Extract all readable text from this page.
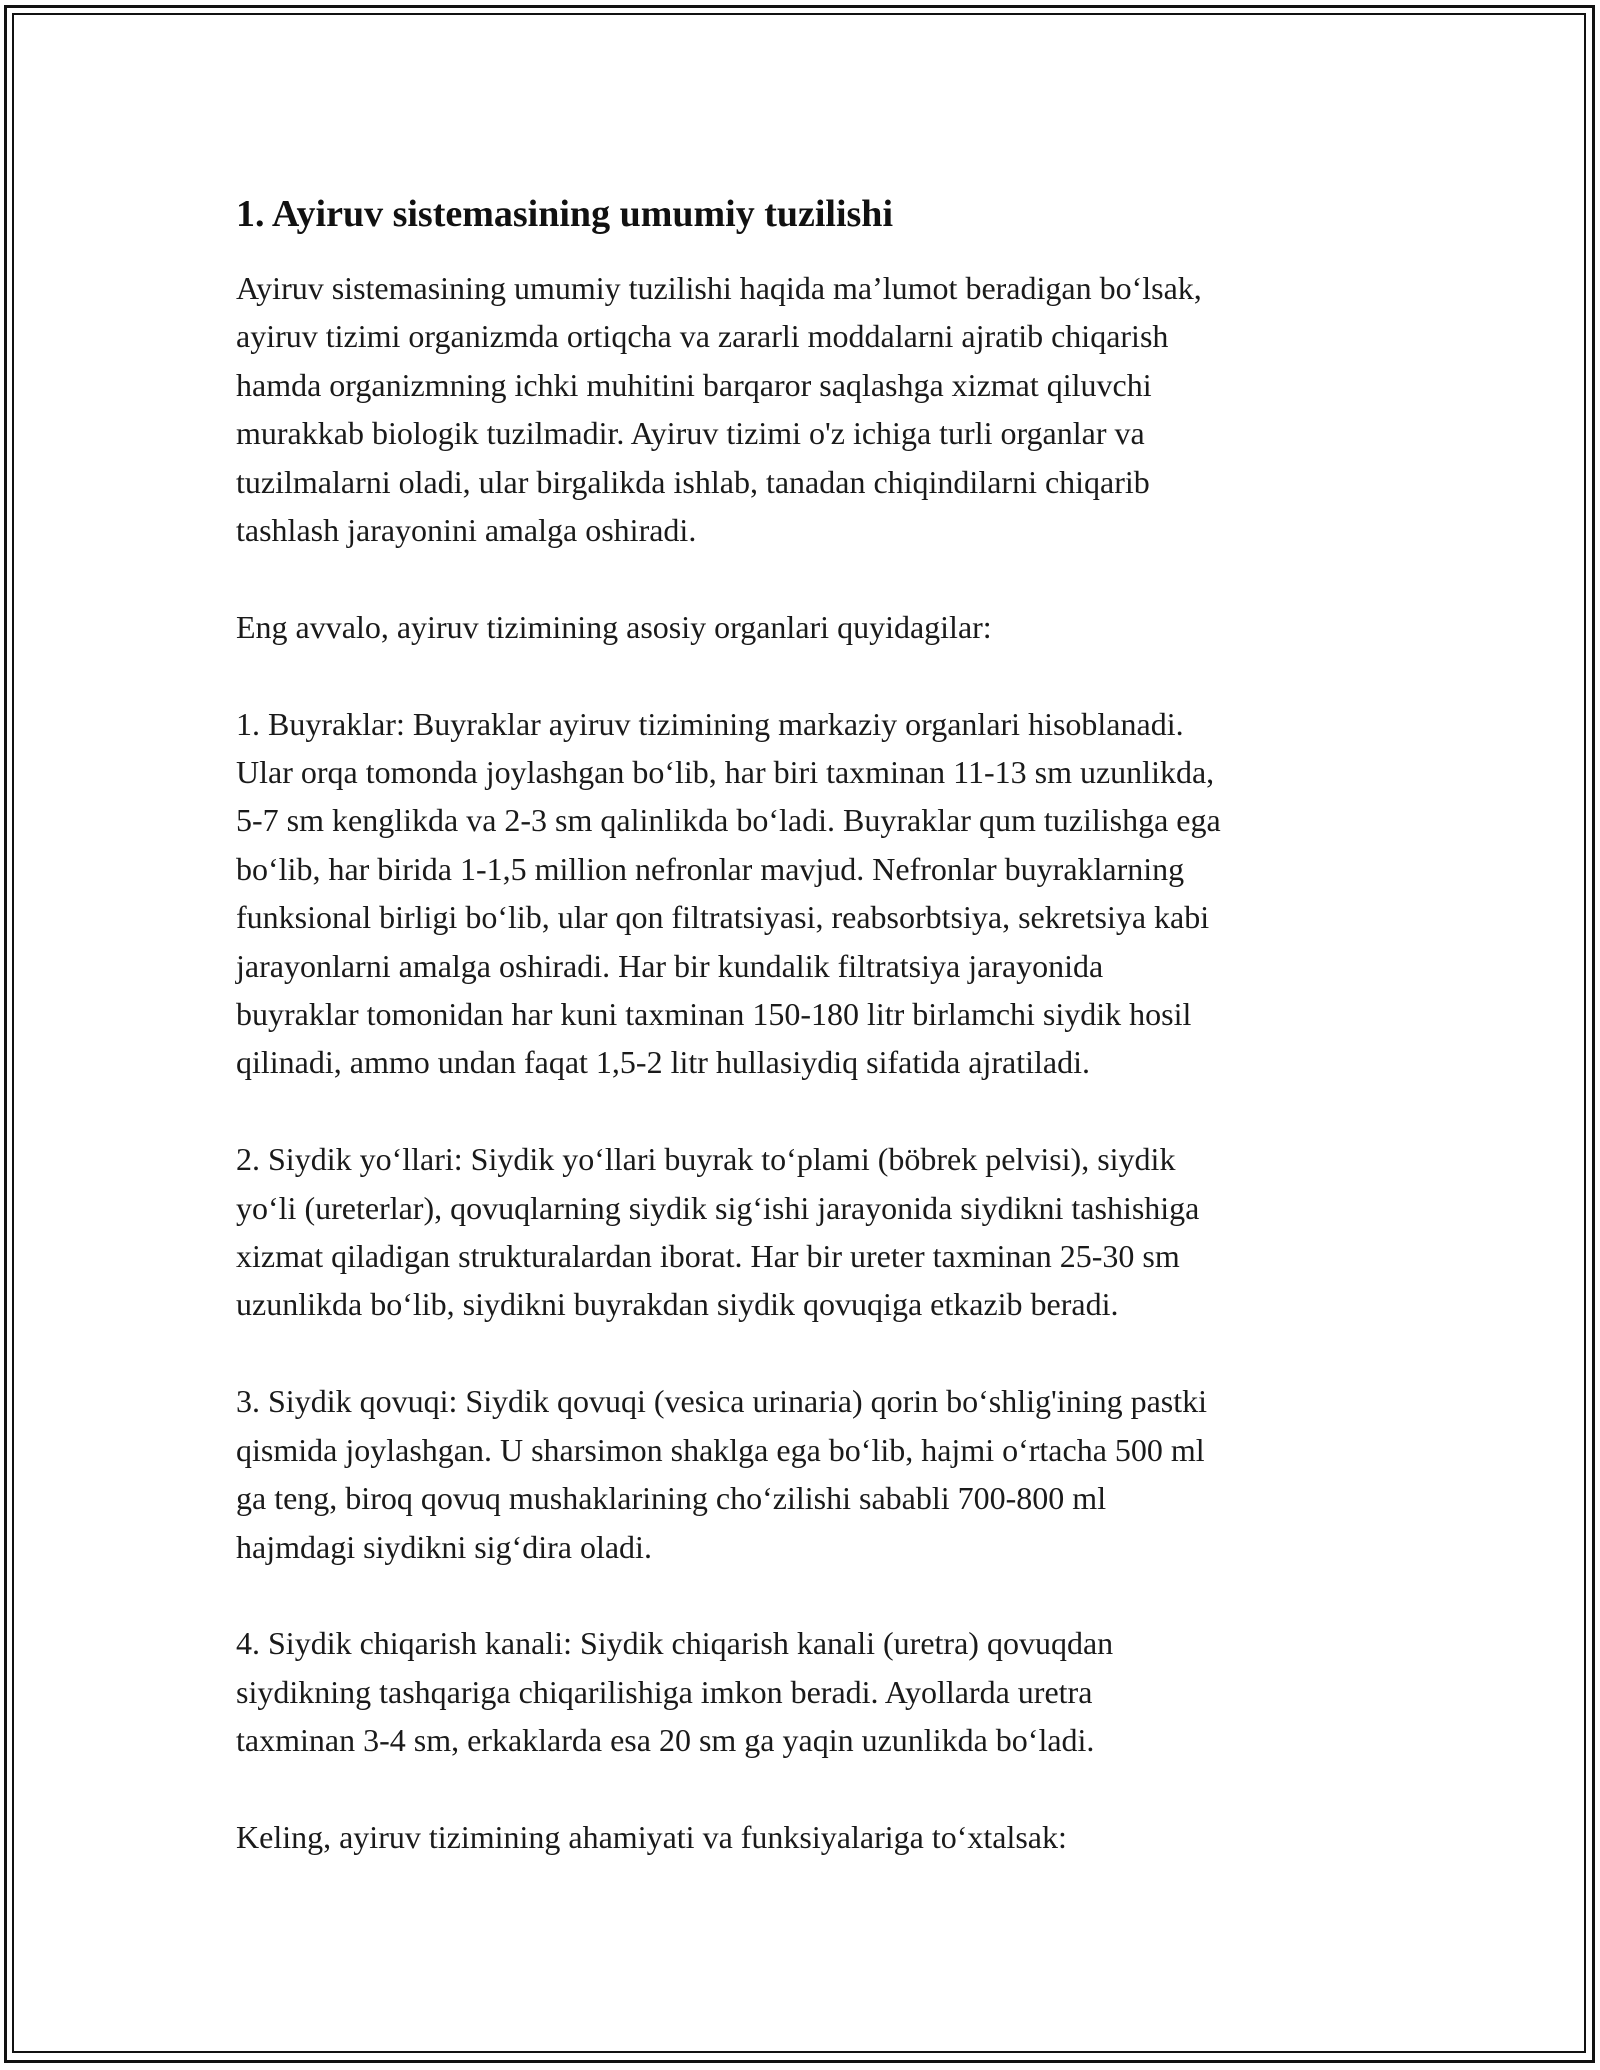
1. Ayiruv sistemasining umumiy tuzilishi

Ayiruv sistemasining umumiy tuzilishi haqida ma’lumot beradigan bo‘lsak,
ayiruv tizimi organizmda ortiqcha va zararli moddalarni ajratib chiqarish
hamda organizmning ichki muhitini barqaror saqlashga xizmat qiluvchi
murakkab biologik tuzilmadir. Ayiruv tizimi o'z ichiga turli organlar va
tuzilmalarni oladi, ular birgalikda ishlab, tanadan chiqindilarni chiqarib
tashlash jarayonini amalga oshiradi.

Eng avvalo, ayiruv tizimining asosiy organlari quyidagilar:

1. Buyraklar: Buyraklar ayiruv tizimining markaziy organlari hisoblanadi.
Ular orqa tomonda joylashgan bo‘lib, har biri taxminan 11-13 sm uzunlikda,
5-7 sm kenglikda va 2-3 sm qalinlikda bo‘ladi. Buyraklar qum tuzilishga ega
bo‘lib, har birida 1-1,5 million nefronlar mavjud. Nefronlar buyraklarning
funksional birligi bo‘lib, ular qon filtratsiyasi, reabsorbtsiya, sekretsiya kabi
jarayonlarni amalga oshiradi. Har bir kundalik filtratsiya jarayonida
buyraklar tomonidan har kuni taxminan 150-180 litr birlamchi siydik hosil
qilinadi, ammo undan faqat 1,5-2 litr hullasiydiq sifatida ajratiladi.

2. Siydik yo‘llari: Siydik yo‘llari buyrak to‘plami (böbrek pelvisi), siydik
yo‘li (ureterlar), qovuqlarning siydik sig‘ishi jarayonida siydikni tashishiga
xizmat qiladigan strukturalardan iborat. Har bir ureter taxminan 25-30 sm
uzunlikda bo‘lib, siydikni buyrakdan siydik qovuqiga etkazib beradi.

3. Siydik qovuqi: Siydik qovuqi (vesica urinaria) qorin bo‘shlig'ining pastki
qismida joylashgan. U sharsimon shaklga ega bo‘lib, hajmi o‘rtacha 500 ml
ga teng, biroq qovuq mushaklarining cho‘zilishi sababli 700-800 ml
hajmdagi siydikni sig‘dira oladi.

4. Siydik chiqarish kanali: Siydik chiqarish kanali (uretra) qovuqdan
siydikning tashqariga chiqarilishiga imkon beradi. Ayollarda uretra
taxminan 3-4 sm, erkaklarda esa 20 sm ga yaqin uzunlikda bo‘ladi.

Keling, ayiruv tizimining ahamiyati va funksiyalariga to‘xtalsak:
